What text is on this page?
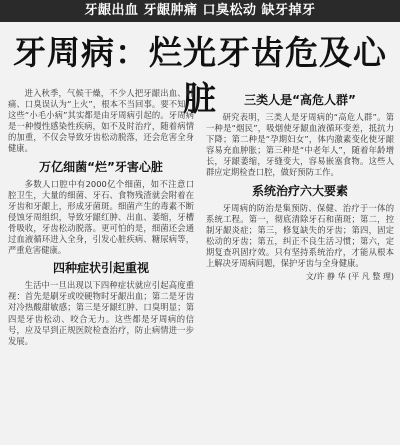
牙龈出血 牙龈肿痛 口臭松动 缺牙掉牙
牙周病：烂光牙齿危及心脏

进入秋季，气候干燥，不少人把牙龈出血、肿痛、口臭误认为“上火”，根本不当回事。要不知，这些“小毛小病”其实都是由牙周病引起的。牙周病是一种慢性感染性疾病，如不及时治疗，随着病情的加重，不仅会导致牙齿松动脱落，还会危害全身健康。

万亿细菌“烂”牙害心脏

多数人口腔中有2000亿个细菌，如不注意口腔卫生，大量的细菌、牙石、食物残渣就会附着在牙齿和牙龈上，形成牙菌斑。细菌产生的毒素不断侵蚀牙周组织，导致牙龈红肿、出血、萎缩，牙槽骨吸收，牙齿松动脱落。更可怕的是，细菌还会通过血液循环进入全身，引发心脏疾病、糖尿病等，严重危害健康。

四种症状引起重视

生活中一旦出现以下四种症状就应引起高度重视：首先是刷牙或咬硬物时牙龈出血；第二是牙齿对冷热酸甜敏感；第三是牙龈红肿、口臭明显；第四是牙齿松动、咬合无力。这些都是牙周病的信号，应及早到正规医院检查治疗，防止病情进一步发展。

三类人是“高危人群”

研究表明，三类人是牙周病的“高危人群”。第一种是“烟民”，吸烟使牙龈血液循环变差，抵抗力下降；第二种是“孕期妇女”，体内激素变化使牙龈容易充血肿胀；第三种是“中老年人”，随着年龄增长，牙龈萎缩，牙缝变大，容易嵌塞食物。这些人群应定期检查口腔，做好预防工作。

系统治疗六大要素

牙周病的防治是集预防、保健、治疗于一体的系统工程。第一，彻底清除牙石和菌斑；第二，控制牙龈炎症；第三，修复缺失的牙齿；第四，固定松动的牙齿；第五，纠正不良生活习惯；第六，定期复查巩固疗效。只有坚持系统治疗，才能从根本上解决牙周病问题，保护牙齿与全身健康。

文/许 静 华 (平 凡 整 理)
